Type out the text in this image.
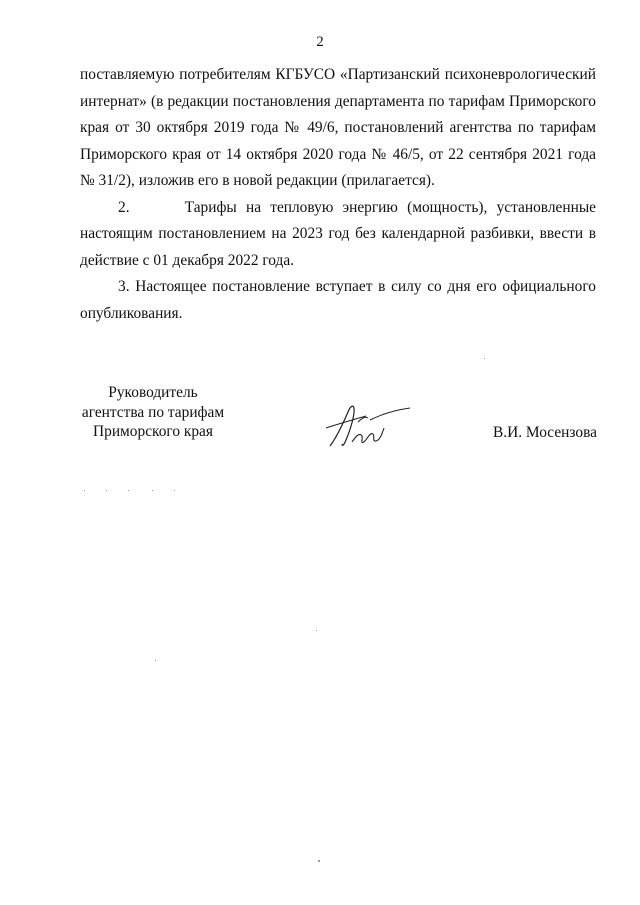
2

поставляемую потребителям КГБУСО «Партизанский психоневрологический интернат» (в редакции постановления департамента по тарифам Приморского края от 30 октября 2019 года № 49/6, постановлений агентства по тарифам Приморского края от 14 октября 2020 года № 46/5, от 22 сентября 2021 года № 31/2), изложив его в новой редакции (прилагается).

2.      Тарифы на тепловую энергию (мощность), установленные настоящим постановлением на 2023 год без календарной разбивки, ввести в действие с 01 декабря 2022 года.

3. Настоящее постановление вступает в силу со дня его официального опубликования.

Руководитель
агентства по тарифам
Приморского края	В.И. Мосензова
